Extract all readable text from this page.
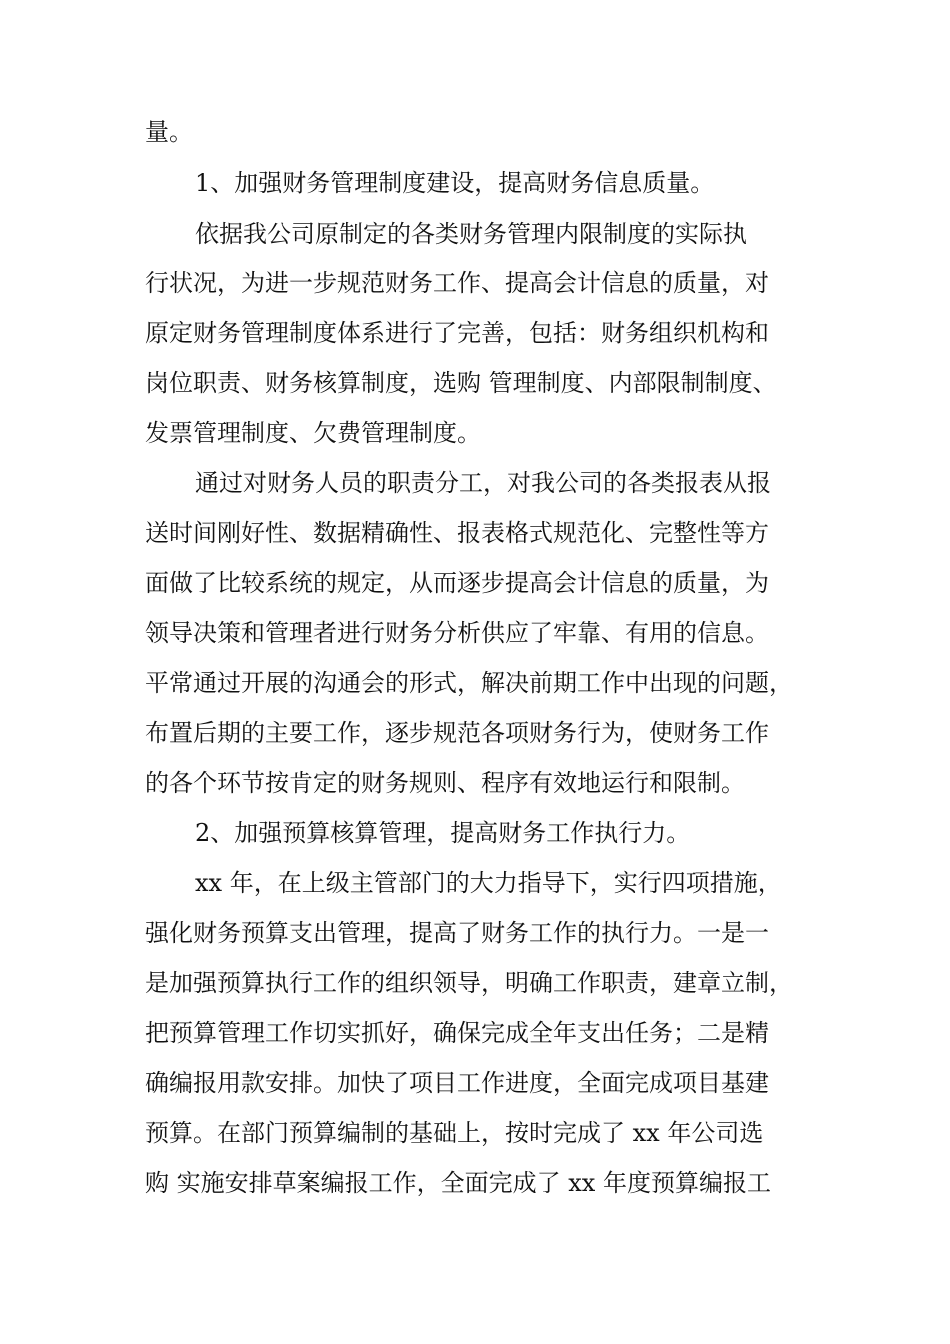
量。

1、加强财务管理制度建设，提高财务信息质量。

依据我公司原制定的各类财务管理内限制度的实际执

行状况，为进一步规范财务工作、提高会计信息的质量，对

原定财务管理制度体系进行了完善，包括：财务组织机构和

岗位职责、财务核算制度，选购 管理制度、内部限制制度、

发票管理制度、欠费管理制度。

通过对财务人员的职责分工，对我公司的各类报表从报

送时间刚好性、数据精确性、报表格式规范化、完整性等方

面做了比较系统的规定，从而逐步提高会计信息的质量，为

领导决策和管理者进行财务分析供应了牢靠、有用的信息。

平常通过开展的沟通会的形式，解决前期工作中出现的问题，

布置后期的主要工作，逐步规范各项财务行为，使财务工作

的各个环节按肯定的财务规则、程序有效地运行和限制。

2、加强预算核算管理，提高财务工作执行力。

xx 年，在上级主管部门的大力指导下，实行四项措施，

强化财务预算支出管理，提高了财务工作的执行力。一是一

是加强预算执行工作的组织领导，明确工作职责，建章立制，

把预算管理工作切实抓好，确保完成全年支出任务；二是精

确编报用款安排。加快了项目工作进度，全面完成项目基建

预算。在部门预算编制的基础上，按时完成了 xx 年公司选

购 实施安排草案编报工作，全面完成了 xx 年度预算编报工
